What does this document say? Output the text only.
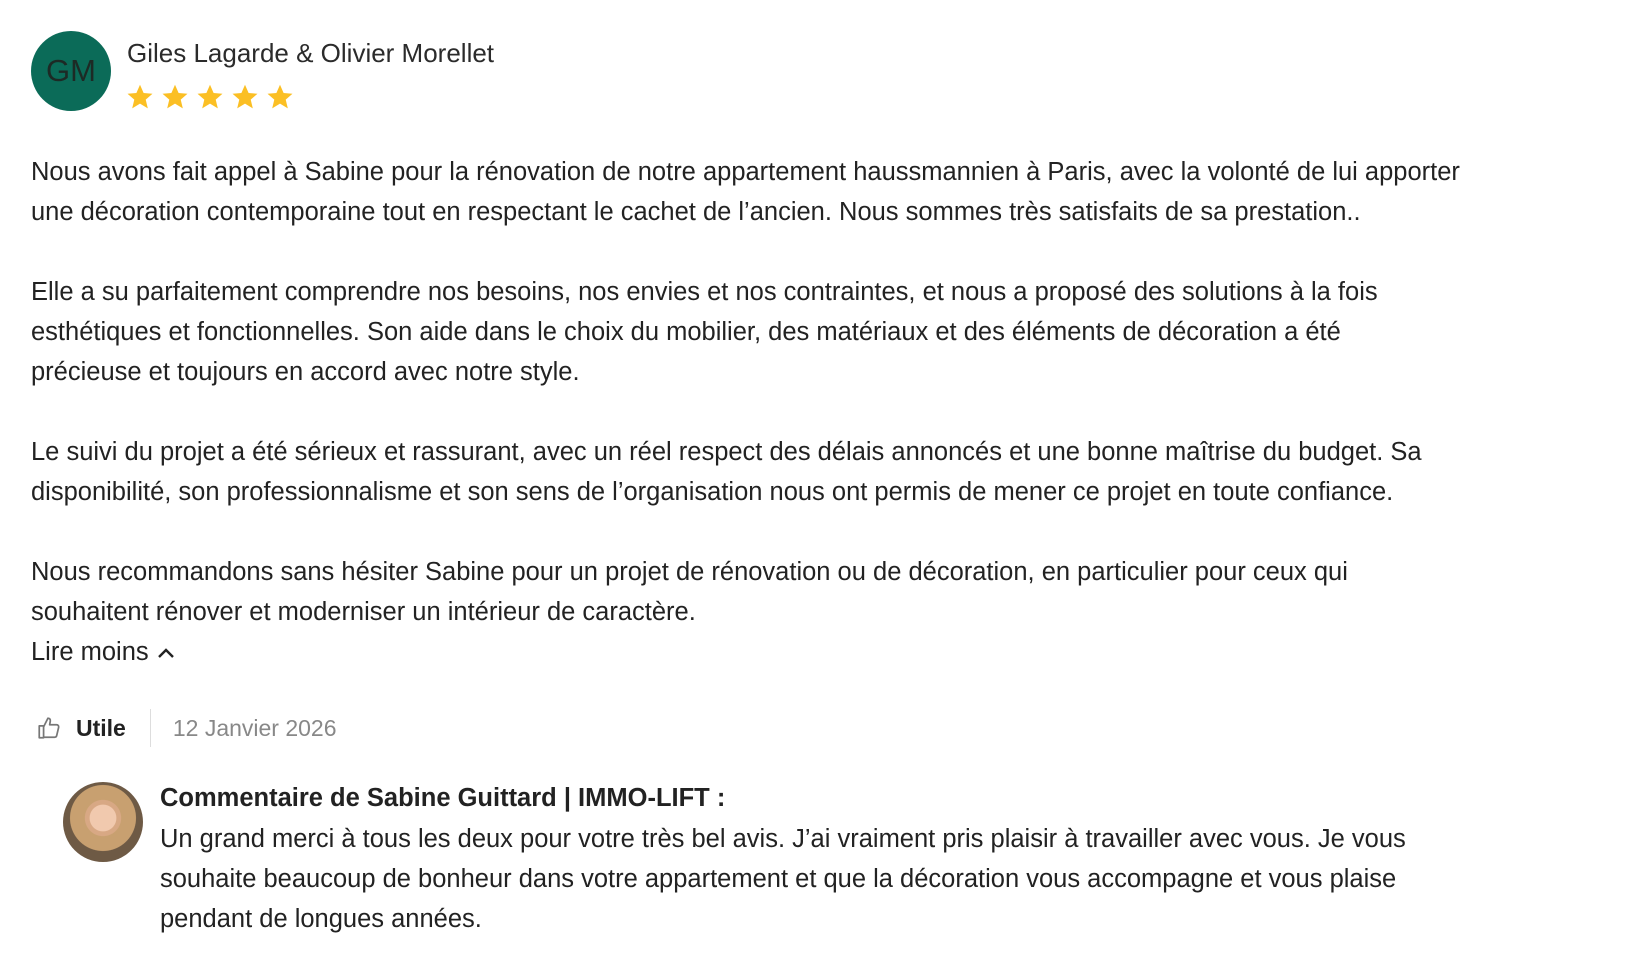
GM	Giles Lagarde & Olivier Morellet
Nous avons fait appel à Sabine pour la rénovation de notre appartement haussmannien à Paris, avec la volonté de lui apporter
une décoration contemporaine tout en respectant le cachet de l’ancien. Nous sommes très satisfaits de sa prestation..
Elle a su parfaitement comprendre nos besoins, nos envies et nos contraintes, et nous a proposé des solutions à la fois
esthétiques et fonctionnelles. Son aide dans le choix du mobilier, des matériaux et des éléments de décoration a été
précieuse et toujours en accord avec notre style.
Le suivi du projet a été sérieux et rassurant, avec un réel respect des délais annoncés et une bonne maîtrise du budget. Sa
disponibilité, son professionnalisme et son sens de l’organisation nous ont permis de mener ce projet en toute confiance.
Nous recommandons sans hésiter Sabine pour un projet de rénovation ou de décoration, en particulier pour ceux qui
souhaitent rénover et moderniser un intérieur de caractère.
Lire moins
Utile 12 Janvier 2026
Commentaire de Sabine Guittard | IMMO-LIFT :
Un grand merci à tous les deux pour votre très bel avis. J’ai vraiment pris plaisir à travailler avec vous. Je vous
souhaite beaucoup de bonheur dans votre appartement et que la décoration vous accompagne et vous plaise
pendant de longues années.
